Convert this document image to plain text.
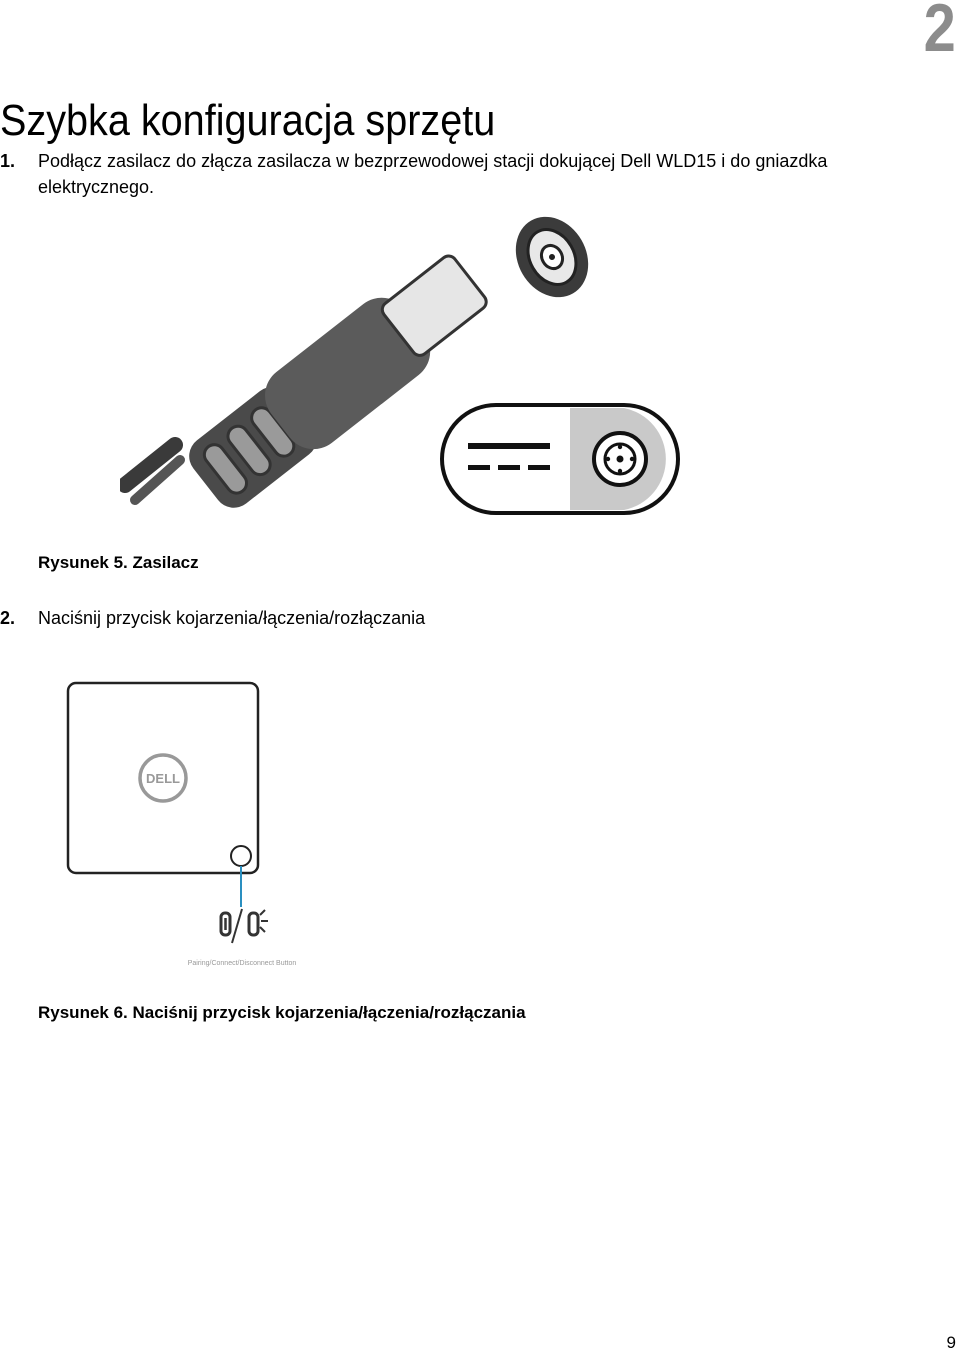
2
Szybka konfiguracja sprzętu
1. Podłącz zasilacz do złącza zasilacza w bezprzewodowej stacji dokującej Dell WLD15 i do gniazdka elektrycznego.
Rysunek 5. Zasilacz
2. Naciśnij przycisk kojarzenia/łączenia/rozłączania
DELL
Pairing/Connect/Disconnect Button
Rysunek 6. Naciśnij przycisk kojarzenia/łączenia/rozłączania
9
